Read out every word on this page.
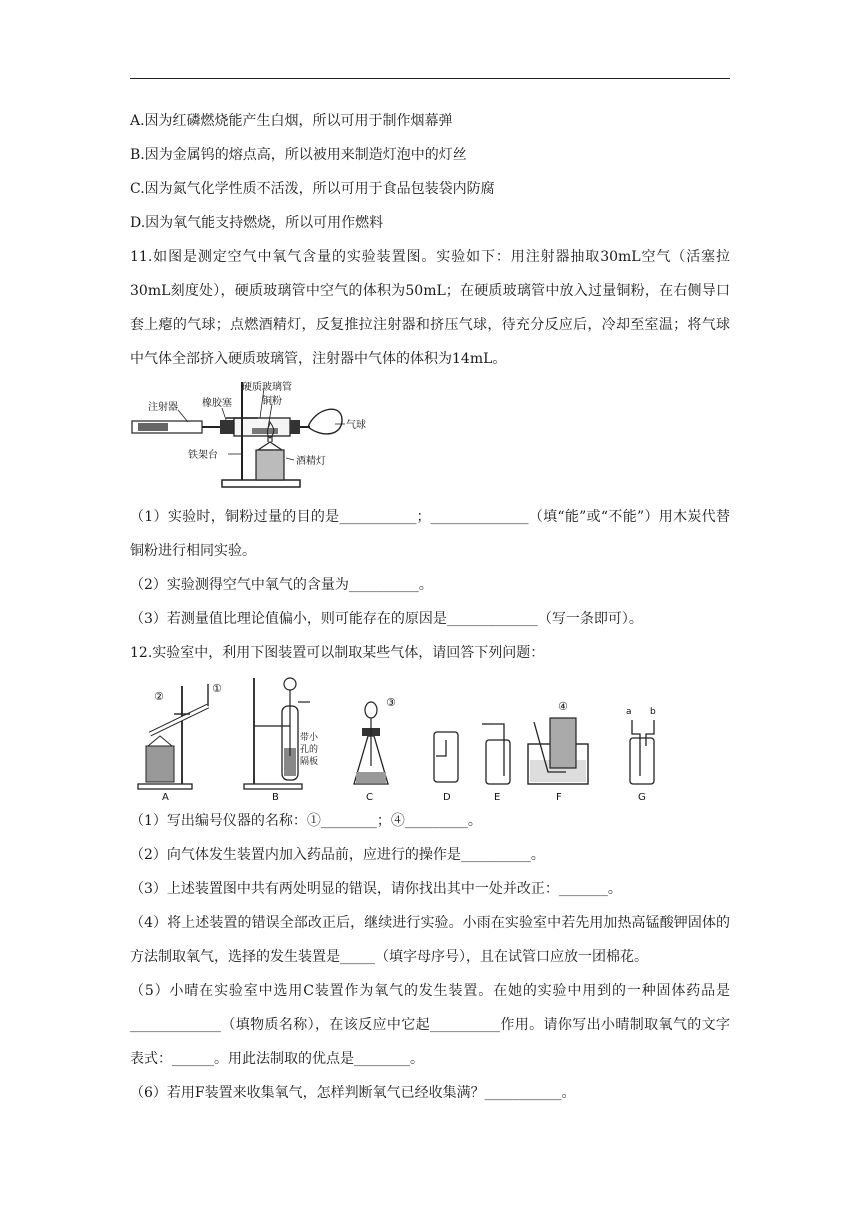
A.因为红磷燃烧能产生白烟，所以可用于制作烟幕弹

B.因为金属钨的熔点高，所以被用来制造灯泡中的灯丝

C.因为氮气化学性质不活泼，所以可用于食品包装袋内防腐

D.因为氧气能支持燃烧，所以可用作燃料

11.如图是测定空气中氧气含量的实验装置图。实验如下：用注射器抽取30mL空气（活塞拉30mL刻度处），硬质玻璃管中空气的体积为50mL；在硬质玻璃管中放入过量铜粉，在右侧导口套上瘪的气球；点燃酒精灯，反复推拉注射器和挤压气球，待充分反应后，冷却至室温；将气球中气体全部挤入硬质玻璃管，注射器中气体的体积为14mL。

硬质玻璃管
橡胶塞	铜粉
注射器
气球
铁架台
酒精灯

（1）实验时，铜粉过量的目的是___________；______________（填“能”或“不能”）用木炭代替铜粉进行相同实验。

（2）实验测得空气中氧气的含量为__________。

（3）若测量值比理论值偏小，则可能存在的原因是_____________（写一条即可）。

12.实验室中，利用下图装置可以制取某些气体，请回答下列问题：

A	B	C	D	E	F	G
①
②	③	④	a b
带小
孔的
隔板

（1）写出编号仪器的名称：①________；④_________。

（2）向气体发生装置内加入药品前，应进行的操作是__________。

（3）上述装置图中共有两处明显的错误，请你找出其中一处并改正：_______。

（4）将上述装置的错误全部改正后，继续进行实验。小雨在实验室中若先用加热高锰酸钾固体的方法制取氧气，选择的发生装置是_____（填字母序号），且在试管口应放一团棉花。

（5）小晴在实验室中选用C装置作为氧气的发生装置。在她的实验中用到的一种固体药品是_____________（填物质名称），在该反应中它起__________作用。请你写出小晴制取氧气的文字表式：______。用此法制取的优点是________。

（6）若用F装置来收集氧气，怎样判断氧气已经收集满？___________。
